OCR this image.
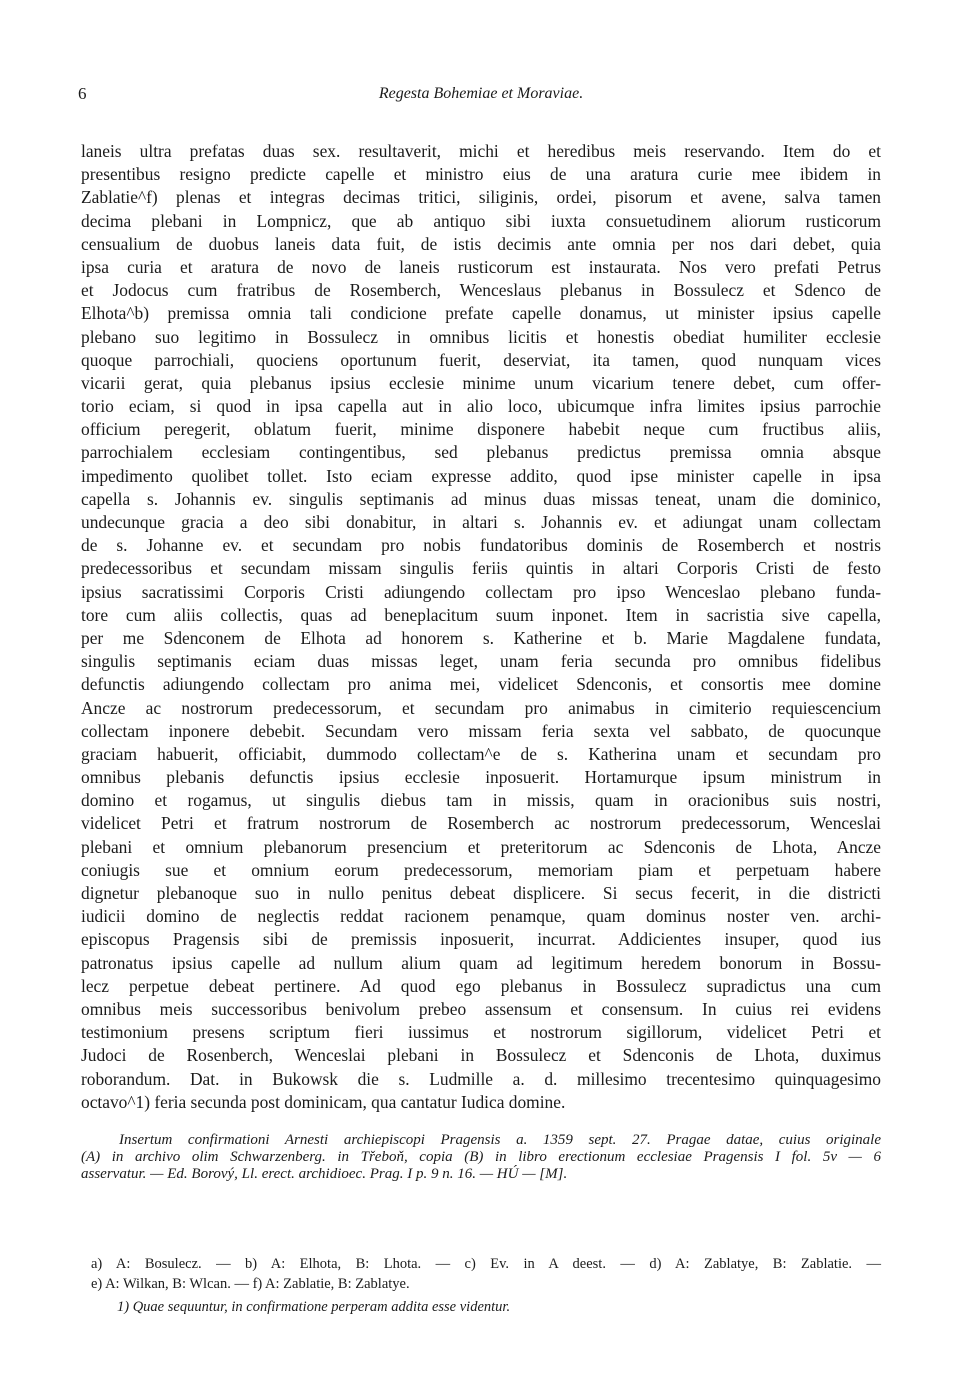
6	Regesta Bohemiae et Moraviae.
laneis ultra prefatas duas sex. resultaverit, michi et heredibus meis reservando. Item do et
presentibus resigno predicte capelle et ministro eius de una aratura curie mee ibidem in
Zablatie^f) plenas et integras decimas tritici, siliginis, ordei, pisorum et avene, salva tamen
decima plebani in Lompnicz, que ab antiquo sibi iuxta consuetudinem aliorum rusticorum
censualium de duobus laneis data fuit, de istis decimis ante omnia per nos dari debet, quia
ipsa curia et aratura de novo de laneis rusticorum est instaurata. Nos vero prefati Petrus
et Jodocus cum fratribus de Rosemberch, Wenceslaus plebanus in Bossulecz et Sdenco de
Elhota^b) premissa omnia tali condicione prefate capelle donamus, ut minister ipsius capelle
plebano suo legitimo in Bossulecz in omnibus licitis et honestis obediat humiliter ecclesie
quoque parrochiali, quociens oportunum fuerit, deserviat, ita tamen, quod nunquam vices
vicarii gerat, quia plebanus ipsius ecclesie minime unum vicarium tenere debet, cum offer-
torio eciam, si quod in ipsa capella aut in alio loco, ubicumque infra limites ipsius parrochie
officium peregerit, oblatum fuerit, minime disponere habebit neque cum fructibus aliis,
parrochialem ecclesiam contingentibus, sed plebanus predictus premissa omnia absque
impedimento quolibet tollet. Isto eciam expresse addito, quod ipse minister capelle in ipsa
capella s. Johannis ev. singulis septimanis ad minus duas missas teneat, unam die dominico,
undecunque gracia a deo sibi donabitur, in altari s. Johannis ev. et adiungat unam collectam
de s. Johanne ev. et secundam pro nobis fundatoribus dominis de Rosemberch et nostris
predecessoribus et secundam missam singulis feriis quintis in altari Corporis Cristi de festo
ipsius sacratissimi Corporis Cristi adiungendo collectam pro ipso Wenceslao plebano funda-
tore cum aliis collectis, quas ad beneplacitum suum inponet. Item in sacristia sive capella,
per me Sdenconem de Elhota ad honorem s. Katherine et b. Marie Magdalene fundata,
singulis septimanis eciam duas missas leget, unam feria secunda pro omnibus fidelibus
defunctis adiungendo collectam pro anima mei, videlicet Sdenconis, et consortis mee domine
Ancze ac nostrorum predecessorum, et secundam pro animabus in cimiterio requiescencium
collectam inponere debebit. Secundam vero missam feria sexta vel sabbato, de quocunque
graciam habuerit, officiabit, dummodo collectam^e de s. Katherina unam et secundam pro
omnibus plebanis defunctis ipsius ecclesie inposuerit. Hortamurque ipsum ministrum in
domino et rogamus, ut singulis diebus tam in missis, quam in oracionibus suis nostri,
videlicet Petri et fratrum nostrorum de Rosemberch ac nostrorum predecessorum, Wenceslai
plebani et omnium plebanorum presencium et preteritorum ac Sdenconis de Lhota, Ancze
coniugis sue et omnium eorum predecessorum, memoriam piam et perpetuam habere
dignetur plebanoque suo in nullo penitus debeat displicere. Si secus fecerit, in die districti
iudicii domino de neglectis reddat racionem penamque, quam dominus noster ven. archi-
episcopus Pragensis sibi de premissis inposuerit, incurrat. Addicientes insuper, quod ius
patronatus ipsius capelle ad nullum alium quam ad legitimum heredem bonorum in Bossu-
lecz perpetue debeat pertinere. Ad quod ego plebanus in Bossulecz supradictus una cum
omnibus meis successoribus benivolum prebeo assensum et consensum. In cuius rei evidens
testimonium presens scriptum fieri iussimus et nostrorum sigillorum, videlicet Petri et
Judoci de Rosenberch, Wenceslai plebani in Bossulecz et Sdenconis de Lhota, duximus
roborandum. Dat. in Bukowsk die s. Ludmille a. d. millesimo trecentesimo quinquagesimo
octavo^1) feria secunda post dominicam, qua cantatur Iudica domine.
Insertum confirmationi Arnesti archiepiscopi Pragensis a. 1359 sept. 27. Pragae datae, cuius originale
(A) in archivo olim Schwarzenberg. in Třeboň, copia (B) in libro erectionum ecclesiae Pragensis I fol. 5v — 6
asservatur. — Ed. Borový, Ll. erect. archidioec. Prag. I p. 9 n. 16. — HÚ — [M].
a) A: Bosulecz. — b) A: Elhota, B: Lhota. — c) Ev. in A deest. — d) A: Zablatye, B: Zablatie. —
e) A: Wilkan, B: Wlcan. — f) A: Zablatie, B: Zablatye.
1) Quae sequuntur, in confirmatione perperam addita esse videntur.
